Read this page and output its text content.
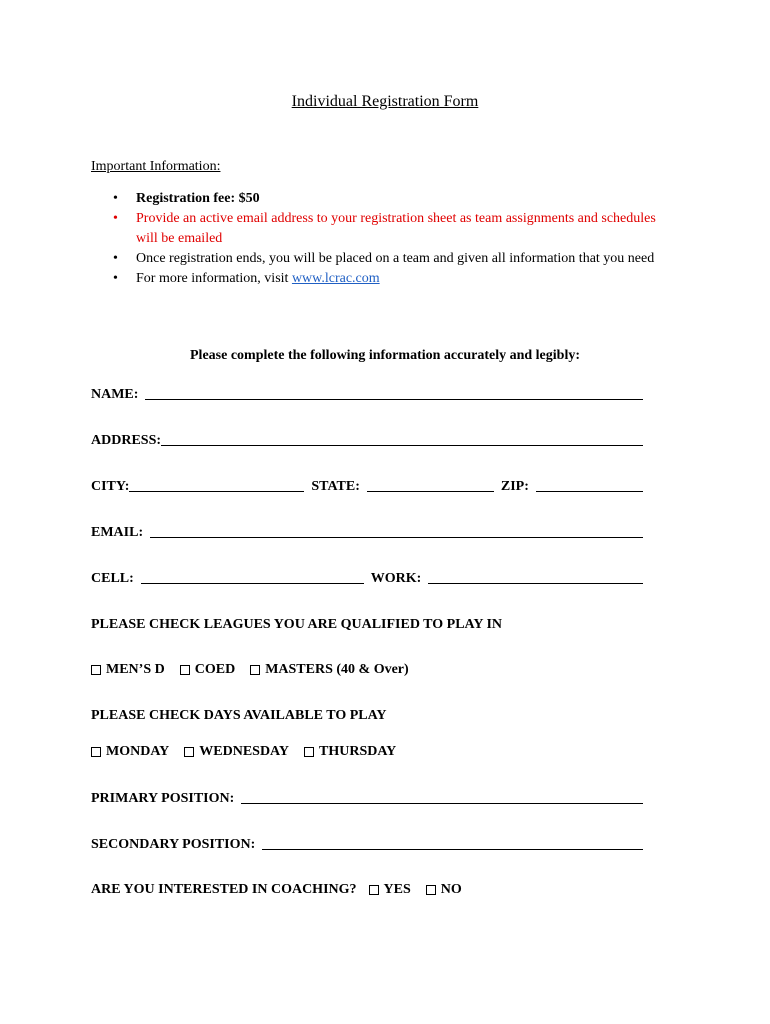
Individual Registration Form
Important Information:
• Registration fee: $50
• Provide an active email address to your registration sheet as team assignments and schedules will be emailed
• Once registration ends, you will be placed on a team and given all information that you need
• For more information, visit www.lcrac.com
Please complete the following information accurately and legibly:
NAME:
ADDRESS:
CITY:	STATE:	ZIP:
EMAIL:
CELL:	WORK:
PLEASE CHECK LEAGUES YOU ARE QUALIFIED TO PLAY IN
MEN’S D COED MASTERS (40 & Over)
PLEASE CHECK DAYS AVAILABLE TO PLAY
MONDAY WEDNESDAY THURSDAY
PRIMARY POSITION:
SECONDARY POSITION:
ARE YOU INTERESTED IN COACHING? YES NO
